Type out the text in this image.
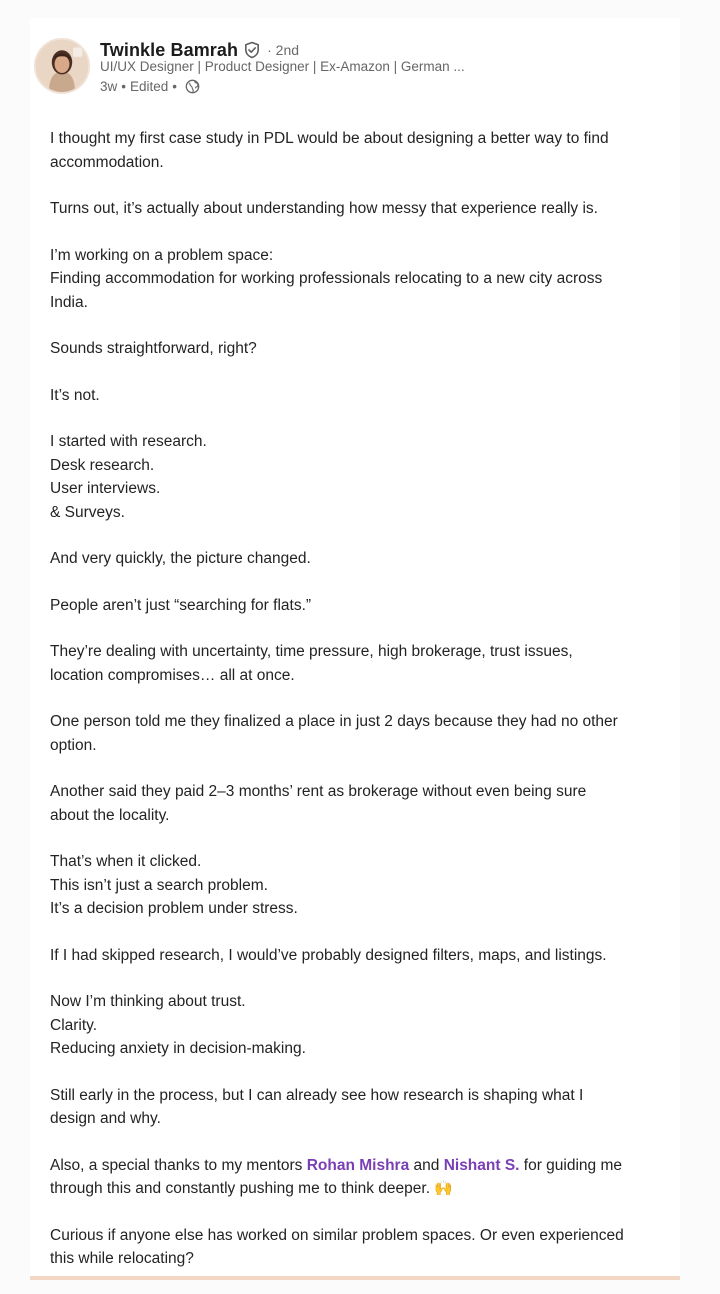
Twinkle Bamrah · 2nd
UI/UX Designer | Product Designer | Ex-Amazon | German ...
3w • Edited •

I thought my first case study in PDL would be about designing a better way to find
accommodation.

Turns out, it’s actually about understanding how messy that experience really is.

I’m working on a problem space:
Finding accommodation for working professionals relocating to a new city across
India.

Sounds straightforward, right?

It’s not.

I started with research.
Desk research.
User interviews.
& Surveys.

And very quickly, the picture changed.

People aren’t just “searching for flats.”

They’re dealing with uncertainty, time pressure, high brokerage, trust issues,
location compromises… all at once.

One person told me they finalized a place in just 2 days because they had no other
option.

Another said they paid 2–3 months’ rent as brokerage without even being sure
about the locality.

That’s when it clicked.
This isn’t just a search problem.
It’s a decision problem under stress.

If I had skipped research, I would’ve probably designed filters, maps, and listings.

Now I’m thinking about trust.
Clarity.
Reducing anxiety in decision-making.

Still early in the process, but I can already see how research is shaping what I
design and why.

Also, a special thanks to my mentors Rohan Mishra and Nishant S. for guiding me
through this and constantly pushing me to think deeper. 🙌

Curious if anyone else has worked on similar problem spaces. Or even experienced
this while relocating?
